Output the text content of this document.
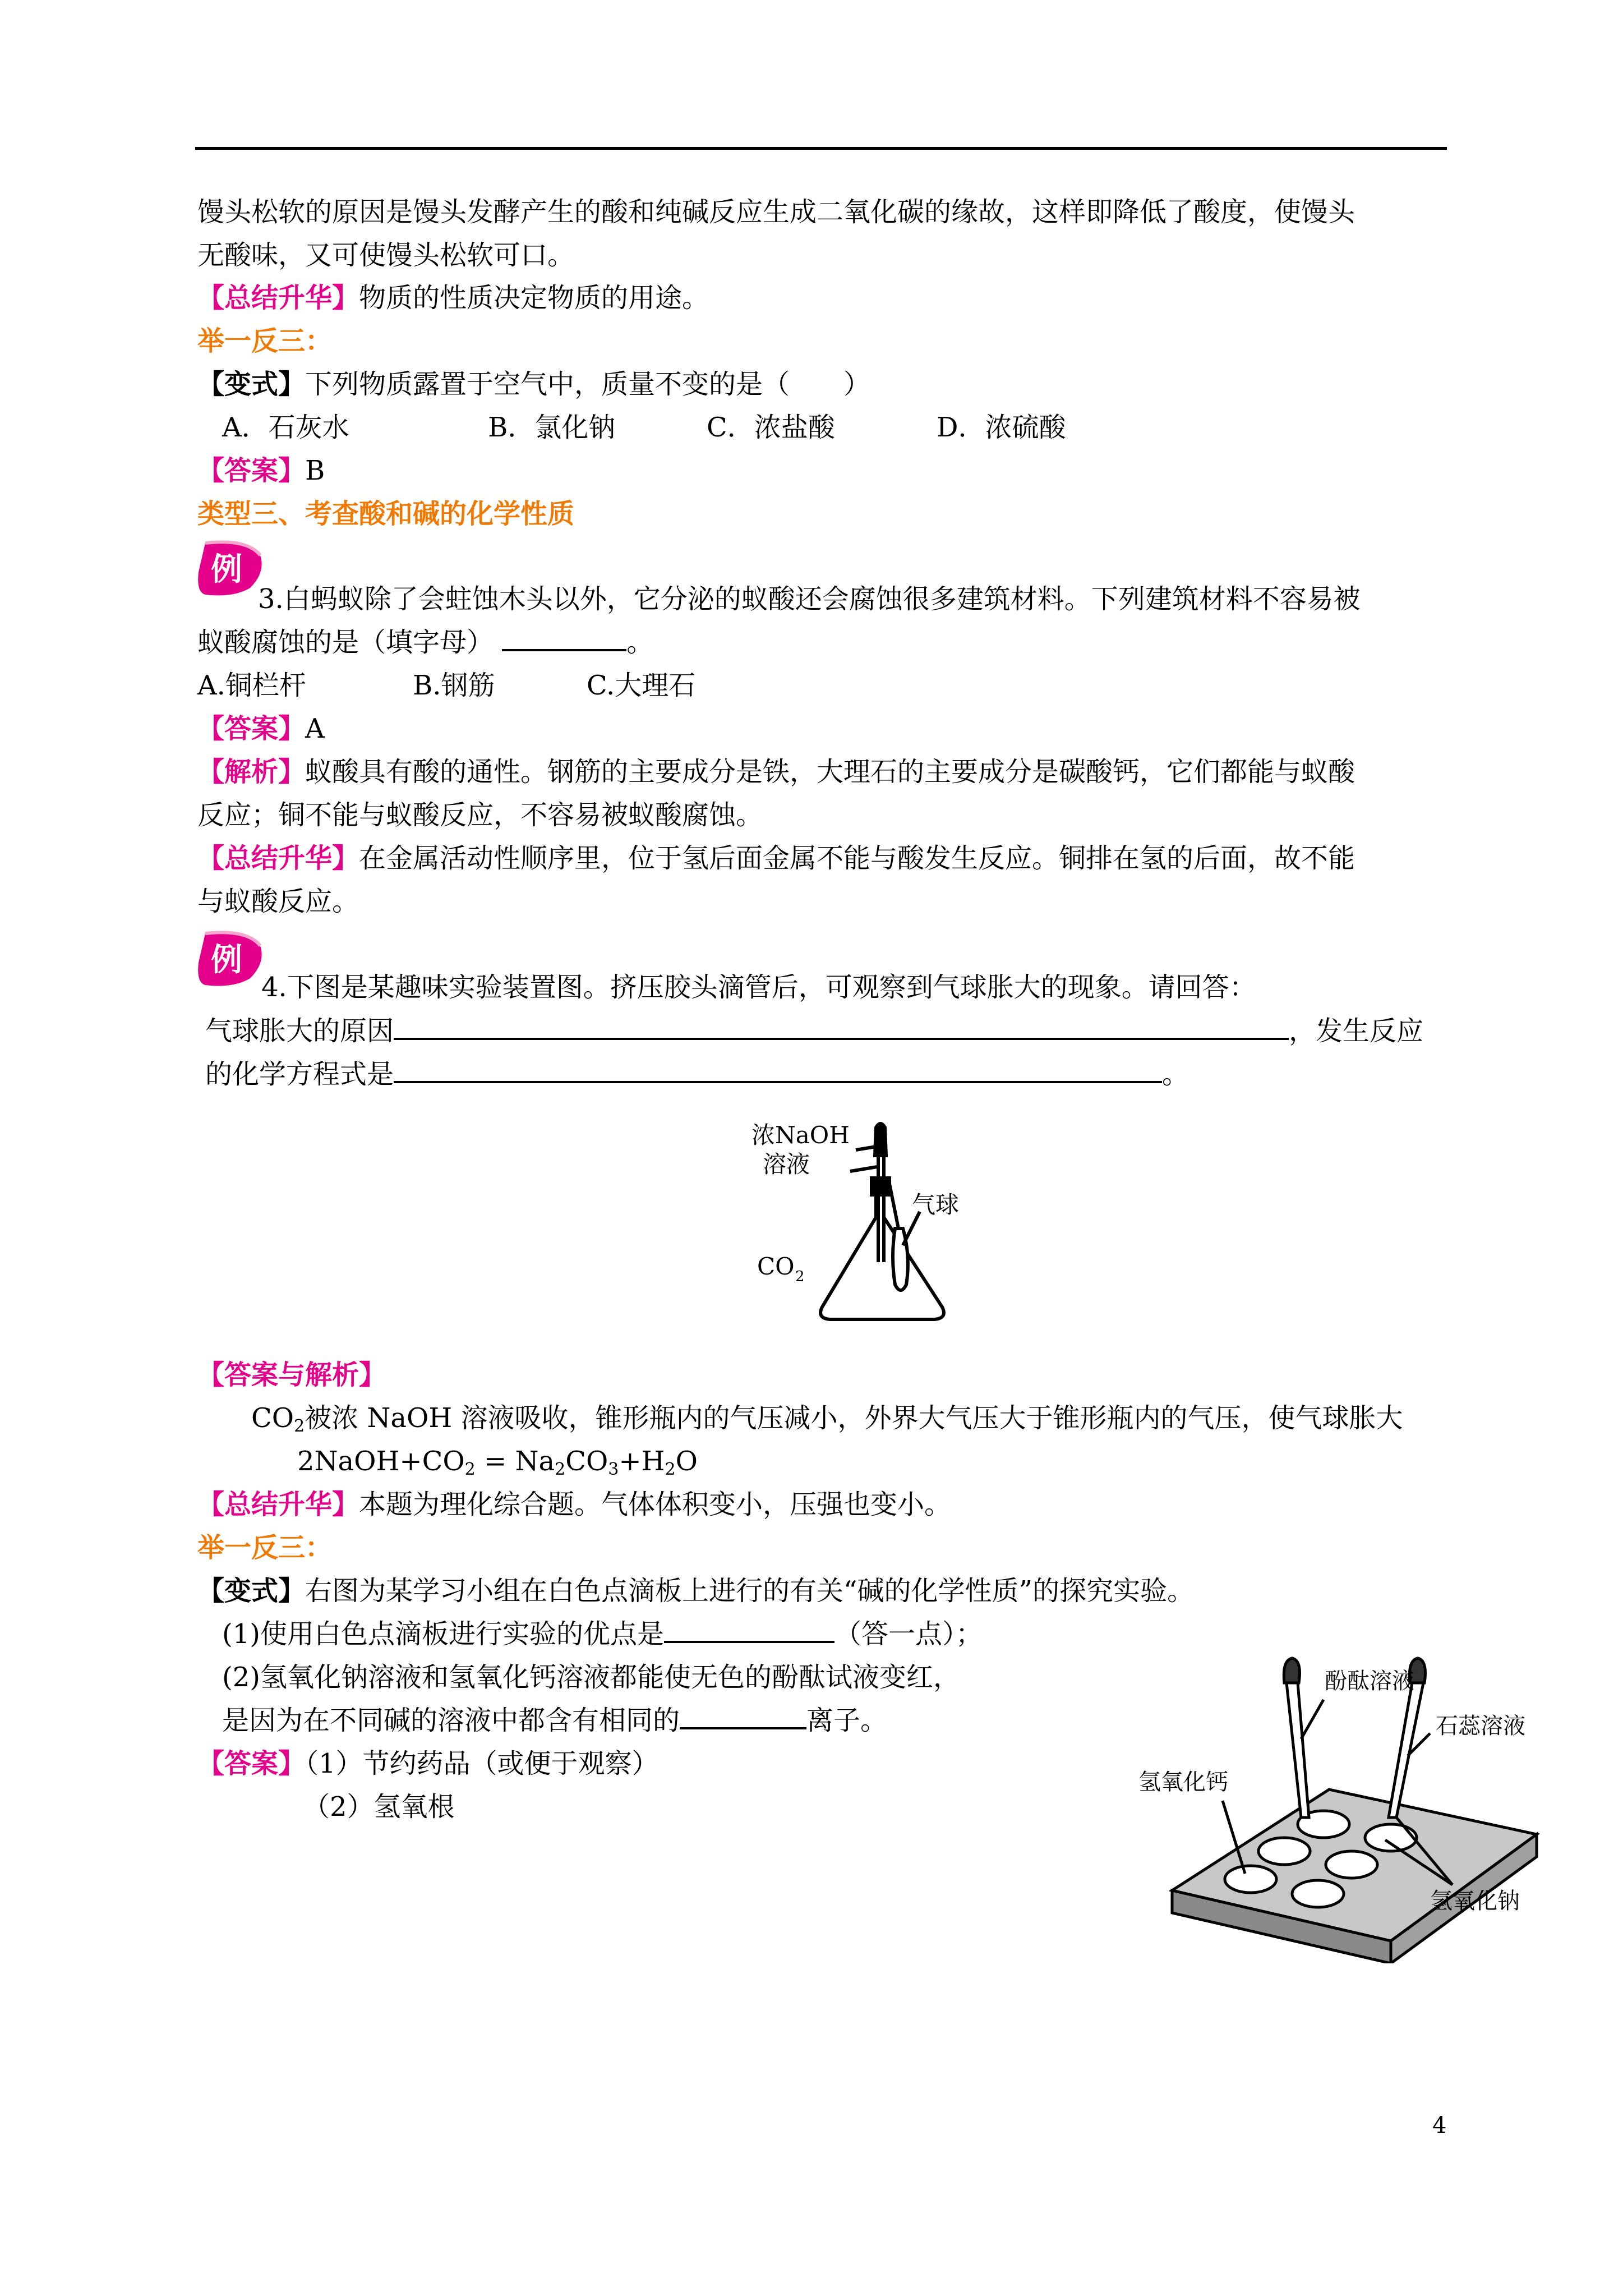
馒头松软的原因是馒头发酵产生的酸和纯碱反应生成二氧化碳的缘故，这样即降低了酸度，使馒头
无酸味，又可使馒头松软可口。
【总结升华】物质的性质决定物质的用途。
举一反三：
【变式】下列物质露置于空气中，质量不变的是（　　）
A．石灰水	B．氯化钠	C．浓盐酸	D．浓硫酸
【答案】B
类型三、考查酸和碱的化学性质
例
3.白蚂蚁除了会蛀蚀木头以外，它分泌的蚁酸还会腐蚀很多建筑材料。下列建筑材料不容易被
蚁酸腐蚀的是（填字母）	。
A.铜栏杆	B.钢筋	C.大理石
【答案】A
【解析】蚁酸具有酸的通性。钢筋的主要成分是铁，大理石的主要成分是碳酸钙，它们都能与蚁酸
反应；铜不能与蚁酸反应，不容易被蚁酸腐蚀。
【总结升华】在金属活动性顺序里，位于氢后面金属不能与酸发生反应。铜排在氢的后面，故不能
与蚁酸反应。
例
4.下图是某趣味实验装置图。挤压胶头滴管后，可观察到气球胀大的现象。请回答：
气球胀大的原因	，发生反应
的化学方程式是	。
浓NaOH
溶液
气球
CO 2
【答案与解析】
$CO_2$被浓 NaOH 溶液吸收，锥形瓶内的气压减小，外界大气压大于锥形瓶内的气压，使气球胀大
$2NaOH+CO_2 = Na_2CO_3+H_2O$
【总结升华】本题为理化综合题。气体体积变小，压强也变小。
举一反三：
【变式】右图为某学习小组在白色点滴板上进行的有关“碱的化学性质”的探究实验。
(1)使用白色点滴板进行实验的优点是	（答一点）；
(2)氢氧化钠溶液和氢氧化钙溶液都能使无色的酚酞试液变红，
是因为在不同碱的溶液中都含有相同的	离子。
【答案】（1）节约药品（或便于观察）
（2）氢氧根
酚酞溶液
石蕊溶液
氢氧化钙
氢氧化钠
4
